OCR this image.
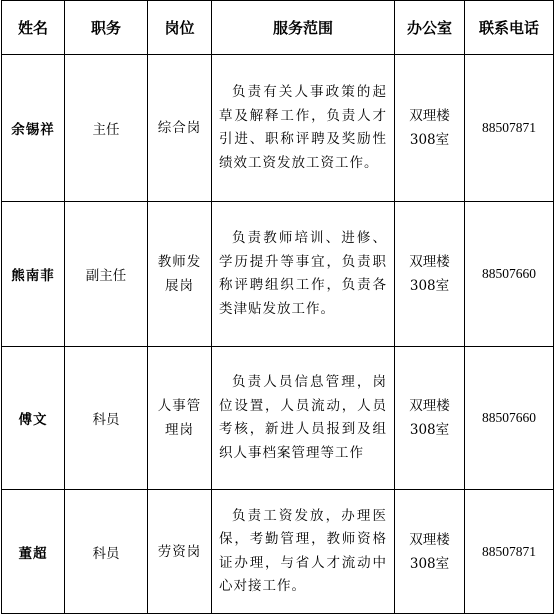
姓名	职务	岗位	服务范围	办公室	联系电话
余锡祥	主任	综合岗	负责有关人事政策的起草及解释工作，负责人才引进、职称评聘及奖励性绩效工资发放工资工作。	双理楼308室	88507871
熊南菲	副主任	教师发展岗	负责教师培训、进修、学历提升等事宜，负责职称评聘组织工作，负责各类津贴发放工作。	双理楼308室	88507660
傅文	科员	人事管理岗	负责人员信息管理，岗位设置，人员流动，人员考核，新进人员报到及组织人事档案管理等工作	双理楼308室	88507660
董超	科员	劳资岗	负责工资发放，办理医保，考勤管理，教师资格证办理，与省人才流动中心对接工作。	双理楼308室	88507871
